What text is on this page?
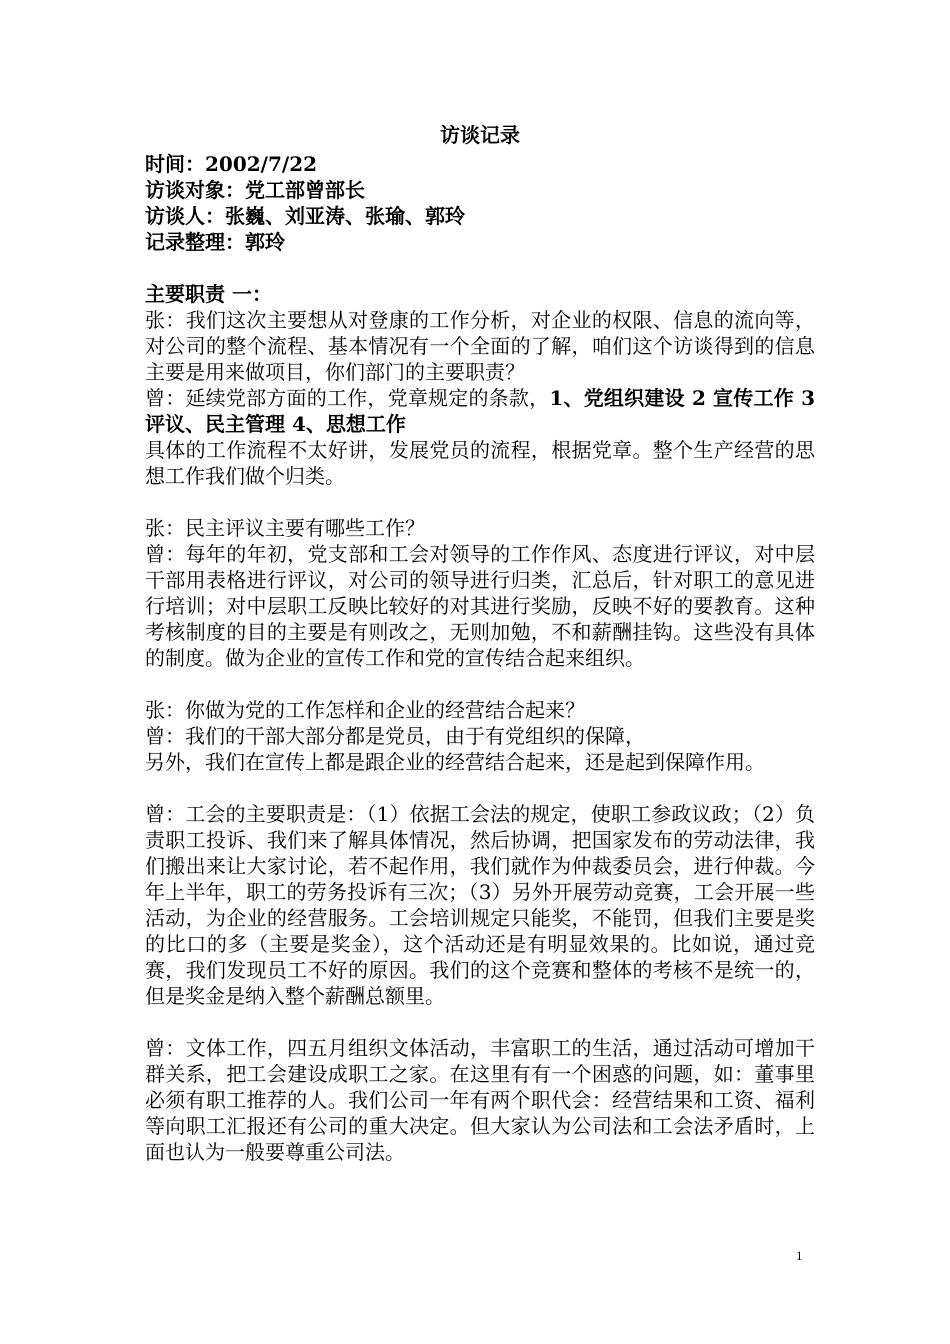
访谈记录
时间：2002/7/22
访谈对象：党工部曾部长
访谈人：张巍、刘亚涛、张瑜、郭玲
记录整理：郭玲
主要职责 一：

张：我们这次主要想从对登康的工作分析，对企业的权限、信息的流向等，对公司的整个流程、基本情况有一个全面的了解，咱们这个访谈得到的信息主要是用来做项目，你们部门的主要职责？

曾：延续党部方面的工作，党章规定的条款，1、党组织建设 2 宣传工作 3 评议、民主管理 4、思想工作

具体的工作流程不太好讲，发展党员的流程，根据党章。整个生产经营的思想工作我们做个归类。

张：民主评议主要有哪些工作？

曾：每年的年初，党支部和工会对领导的工作作风、态度进行评议，对中层干部用表格进行评议，对公司的领导进行归类，汇总后，针对职工的意见进行培训；对中层职工反映比较好的对其进行奖励，反映不好的要教育。这种考核制度的目的主要是有则改之，无则加勉，不和薪酬挂钩。这些没有具体的制度。做为企业的宣传工作和党的宣传结合起来组织。

张：你做为党的工作怎样和企业的经营结合起来？

曾：我们的干部大部分都是党员，由于有党组织的保障，

另外，我们在宣传上都是跟企业的经营结合起来，还是起到保障作用。

曾：工会的主要职责是：（1）依据工会法的规定，使职工参政议政；（2）负责职工投诉、我们来了解具体情况，然后协调，把国家发布的劳动法律，我们搬出来让大家讨论，若不起作用，我们就作为仲裁委员会，进行仲裁。今年上半年，职工的劳务投诉有三次；（3）另外开展劳动竞赛，工会开展一些活动，为企业的经营服务。工会培训规定只能奖，不能罚，但我们主要是奖的比口的多（主要是奖金），这个活动还是有明显效果的。比如说，通过竞赛，我们发现员工不好的原因。我们的这个竞赛和整体的考核不是统一的，但是奖金是纳入整个薪酬总额里。

曾：文体工作，四五月组织文体活动，丰富职工的生活，通过活动可增加干群关系，把工会建设成职工之家。在这里有有一个困惑的问题，如：董事里必须有职工推荐的人。我们公司一年有两个职代会：经营结果和工资、福利等向职工汇报还有公司的重大决定。但大家认为公司法和工会法矛盾时，上面也认为一般要尊重公司法。

1
